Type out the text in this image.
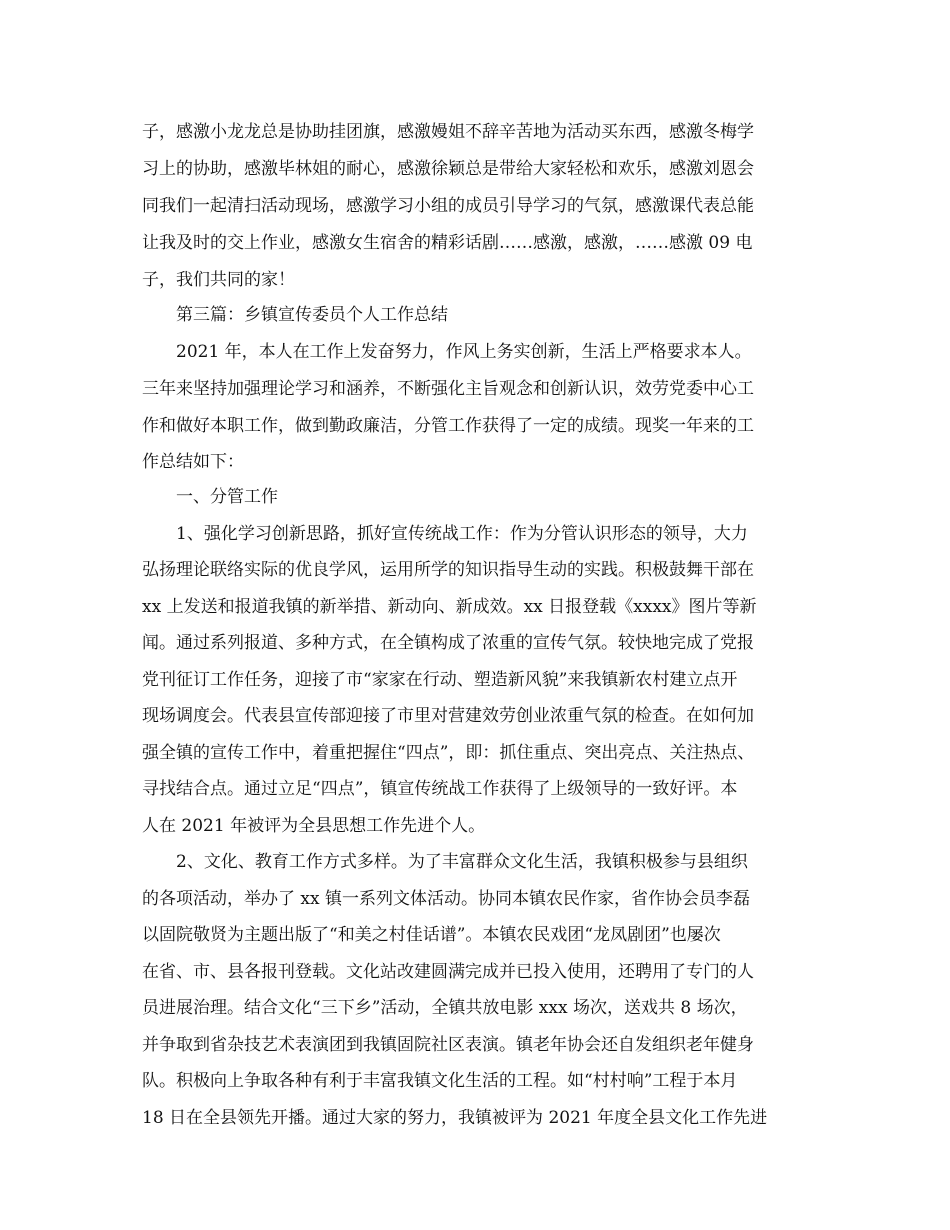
子，感激小龙龙总是协助挂团旗，感激嫚姐不辞辛苦地为活动买东西，感激冬梅学

习上的协助，感激毕林姐的耐心，感激徐颖总是带给大家轻松和欢乐，感激刘恩会

同我们一起清扫活动现场，感激学习小组的成员引导学习的气氛，感激课代表总能

让我及时的交上作业，感激女生宿舍的精彩话剧……感激，感激，……感激 09 电

子，我们共同的家！

第三篇：乡镇宣传委员个人工作总结

2021 年，本人在工作上发奋努力，作风上务实创新，生活上严格要求本人。

三年来坚持加强理论学习和涵养，不断强化主旨观念和创新认识，效劳党委中心工

作和做好本职工作，做到勤政廉洁，分管工作获得了一定的成绩。现奖一年来的工

作总结如下：

一、分管工作

1、强化学习创新思路，抓好宣传统战工作：作为分管认识形态的领导，大力

弘扬理论联络实际的优良学风，运用所学的知识指导生动的实践。积极鼓舞干部在

xx 上发送和报道我镇的新举措、新动向、新成效。xx 日报登载《xxxx》图片等新

闻。通过系列报道、多种方式，在全镇构成了浓重的宣传气氛。较快地完成了党报

党刊征订工作任务，迎接了市“家家在行动、塑造新风貌”来我镇新农村建立点开

现场调度会。代表县宣传部迎接了市里对营建效劳创业浓重气氛的检查。在如何加

强全镇的宣传工作中，着重把握住“四点”，即：抓住重点、突出亮点、关注热点、

寻找结合点。通过立足“四点”，镇宣传统战工作获得了上级领导的一致好评。本

人在 2021 年被评为全县思想工作先进个人。

2、文化、教育工作方式多样。为了丰富群众文化生活，我镇积极参与县组织

的各项活动，举办了 xx 镇一系列文体活动。协同本镇农民作家，省作协会员李磊

以固院敬贤为主题出版了“和美之村佳话谱”。本镇农民戏团“龙凤剧团”也屡次

在省、市、县各报刊登载。文化站改建圆满完成并已投入使用，还聘用了专门的人

员进展治理。结合文化“三下乡”活动，全镇共放电影 xxx 场次，送戏共 8 场次，

并争取到省杂技艺术表演团到我镇固院社区表演。镇老年协会还自发组织老年健身

队。积极向上争取各种有利于丰富我镇文化生活的工程。如“村村响”工程于本月

18 日在全县领先开播。通过大家的努力，我镇被评为 2021 年度全县文化工作先进
